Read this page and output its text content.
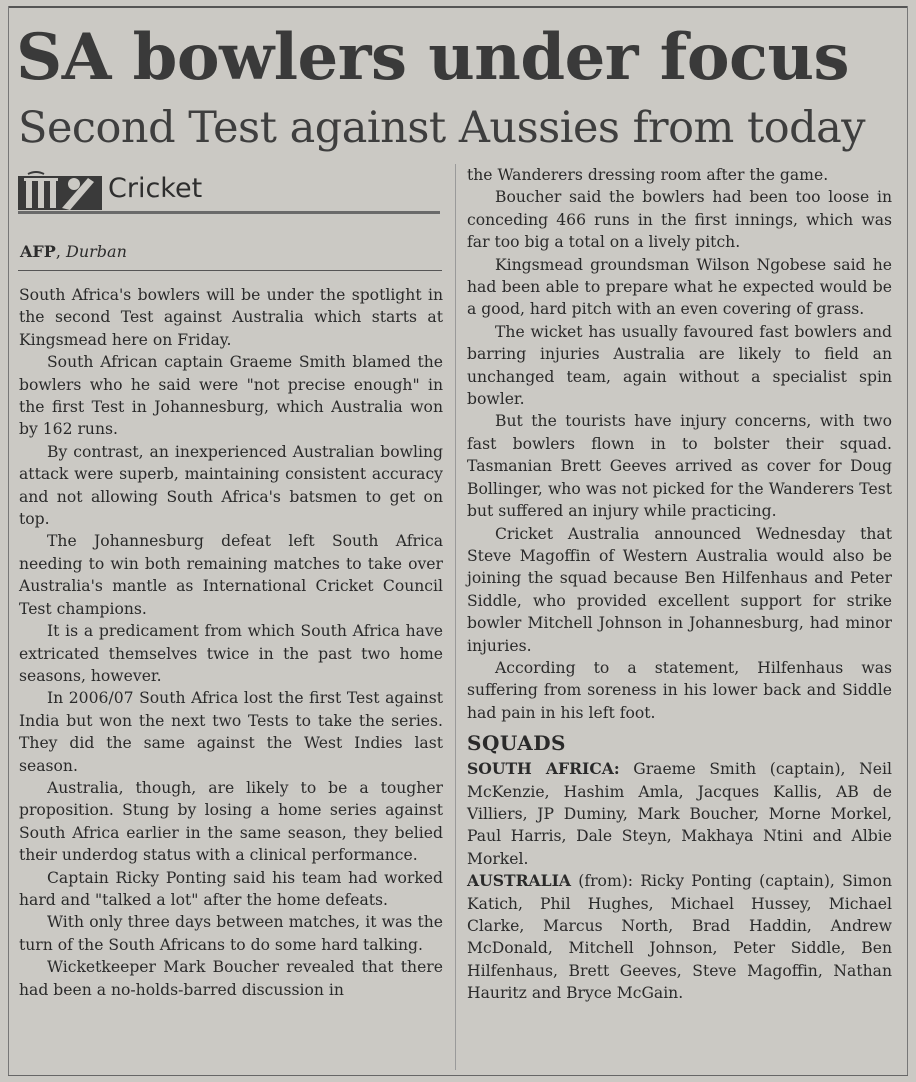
SA bowlers under focus
Second Test against Aussies from today
Cricket
AFP, Durban

South Africa's bowlers will be under the spotlight in the second Test against Australia which starts at Kingsmead here on Friday.

South African captain Graeme Smith blamed the bowlers who he said were "not precise enough" in the first Test in Johannesburg, which Australia won by 162 runs.

By contrast, an inexperienced Australian bowling attack were superb, maintaining consistent accuracy and not allowing South Africa's batsmen to get on top.

The Johannesburg defeat left South Africa needing to win both remaining matches to take over Australia's mantle as International Cricket Council Test champions.

It is a predicament from which South Africa have extricated themselves twice in the past two home seasons, however.

In 2006/07 South Africa lost the first Test against India but won the next two Tests to take the series. They did the same against the West Indies last season.

Australia, though, are likely to be a tougher proposition. Stung by losing a home series against South Africa earlier in the same season, they belied their underdog status with a clinical performance.

Captain Ricky Ponting said his team had worked hard and "talked a lot" after the home defeats.

With only three days between matches, it was the turn of the South Africans to do some hard talking.

Wicketkeeper Mark Boucher revealed that there had been a no-holds-barred discussion in

the Wanderers dressing room after the game.

Boucher said the bowlers had been too loose in conceding 466 runs in the first innings, which was far too big a total on a lively pitch.

Kingsmead groundsman Wilson Ngobese said he had been able to prepare what he expected would be a good, hard pitch with an even covering of grass.

The wicket has usually favoured fast bowlers and barring injuries Australia are likely to field an unchanged team, again without a specialist spin bowler.

But the tourists have injury concerns, with two fast bowlers flown in to bolster their squad. Tasmanian Brett Geeves arrived as cover for Doug Bollinger, who was not picked for the Wanderers Test but suffered an injury while practicing.

Cricket Australia announced Wednesday that Steve Magoffin of Western Australia would also be joining the squad because Ben Hilfenhaus and Peter Siddle, who provided excellent support for strike bowler Mitchell Johnson in Johannesburg, had minor injuries.

According to a statement, Hilfenhaus was suffering from soreness in his lower back and Siddle had pain in his left foot.

SQUADS

SOUTH AFRICA: Graeme Smith (captain), Neil McKenzie, Hashim Amla, Jacques Kallis, AB de Villiers, JP Duminy, Mark Boucher, Morne Morkel, Paul Harris, Dale Steyn, Makhaya Ntini and Albie Morkel.

AUSTRALIA (from): Ricky Ponting (captain), Simon Katich, Phil Hughes, Michael Hussey, Michael Clarke, Marcus North, Brad Haddin, Andrew McDonald, Mitchell Johnson, Peter Siddle, Ben Hilfenhaus, Brett Geeves, Steve Magoffin, Nathan Hauritz and Bryce McGain.
